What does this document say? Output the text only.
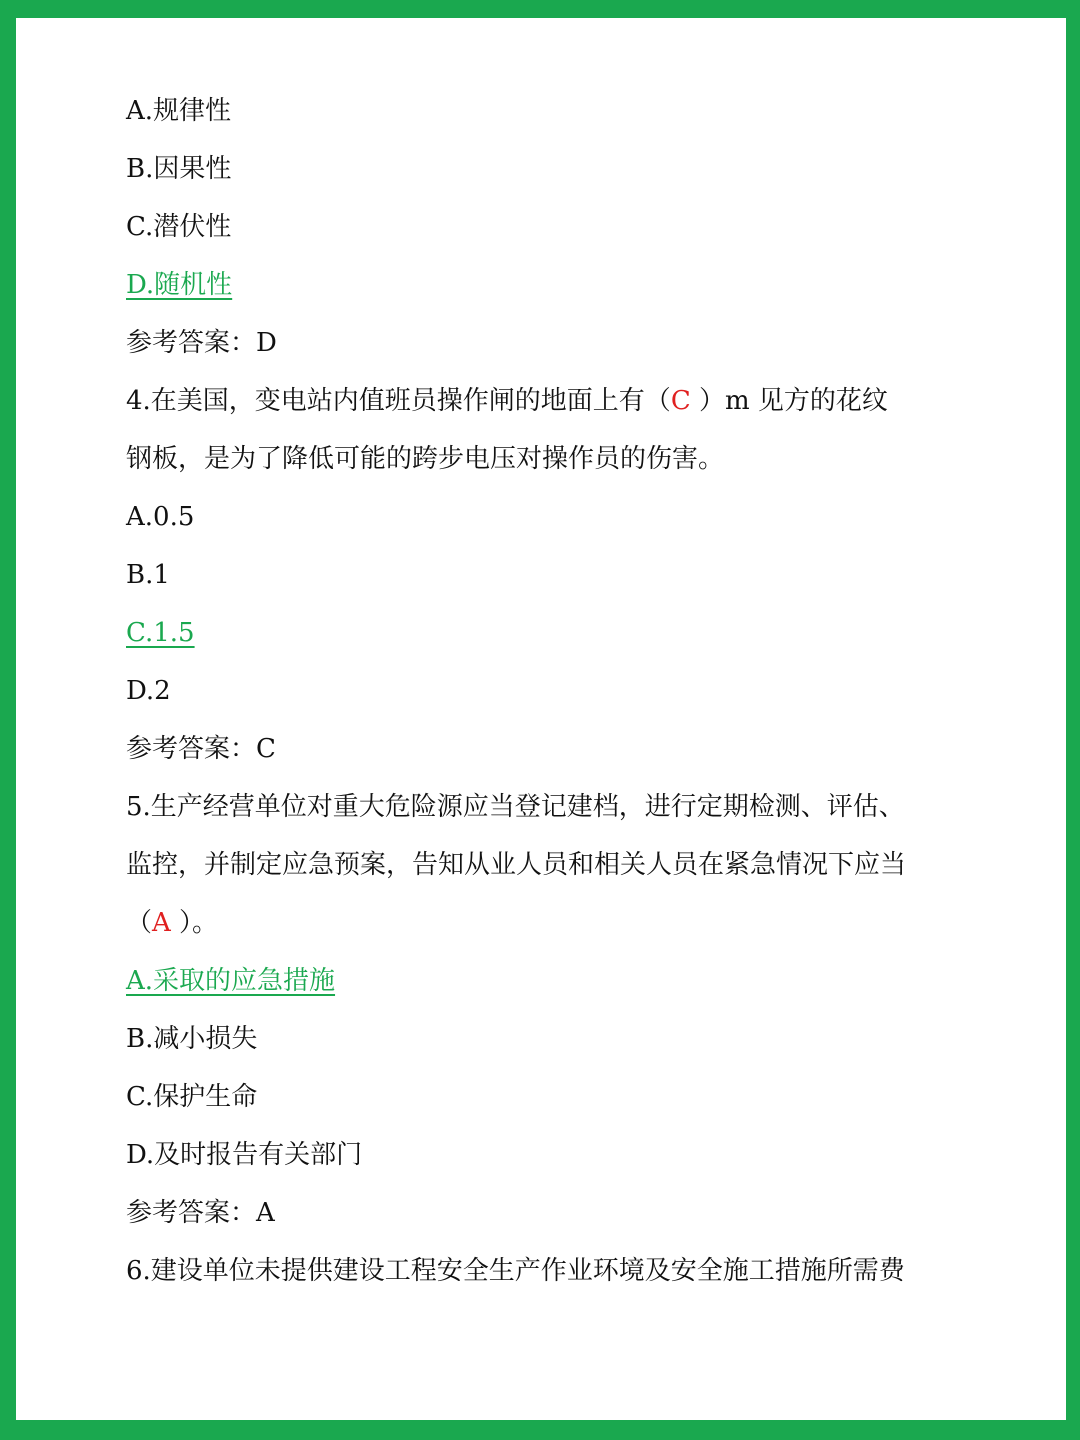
A.规律性
B.因果性
C.潜伏性
D.随机性
参考答案：D
4.在美国，变电站内值班员操作闸的地面上有（C ）m 见方的花纹
钢板，是为了降低可能的跨步电压对操作员的伤害。
A.0.5
B.1
C.1.5
D.2
参考答案：C
5.生产经营单位对重大危险源应当登记建档，进行定期检测、评估、
监控，并制定应急预案，告知从业人员和相关人员在紧急情况下应当
（A ）。
A.采取的应急措施
B.减小损失
C.保护生命
D.及时报告有关部门
参考答案：A
6.建设单位未提供建设工程安全生产作业环境及安全施工措施所需费
